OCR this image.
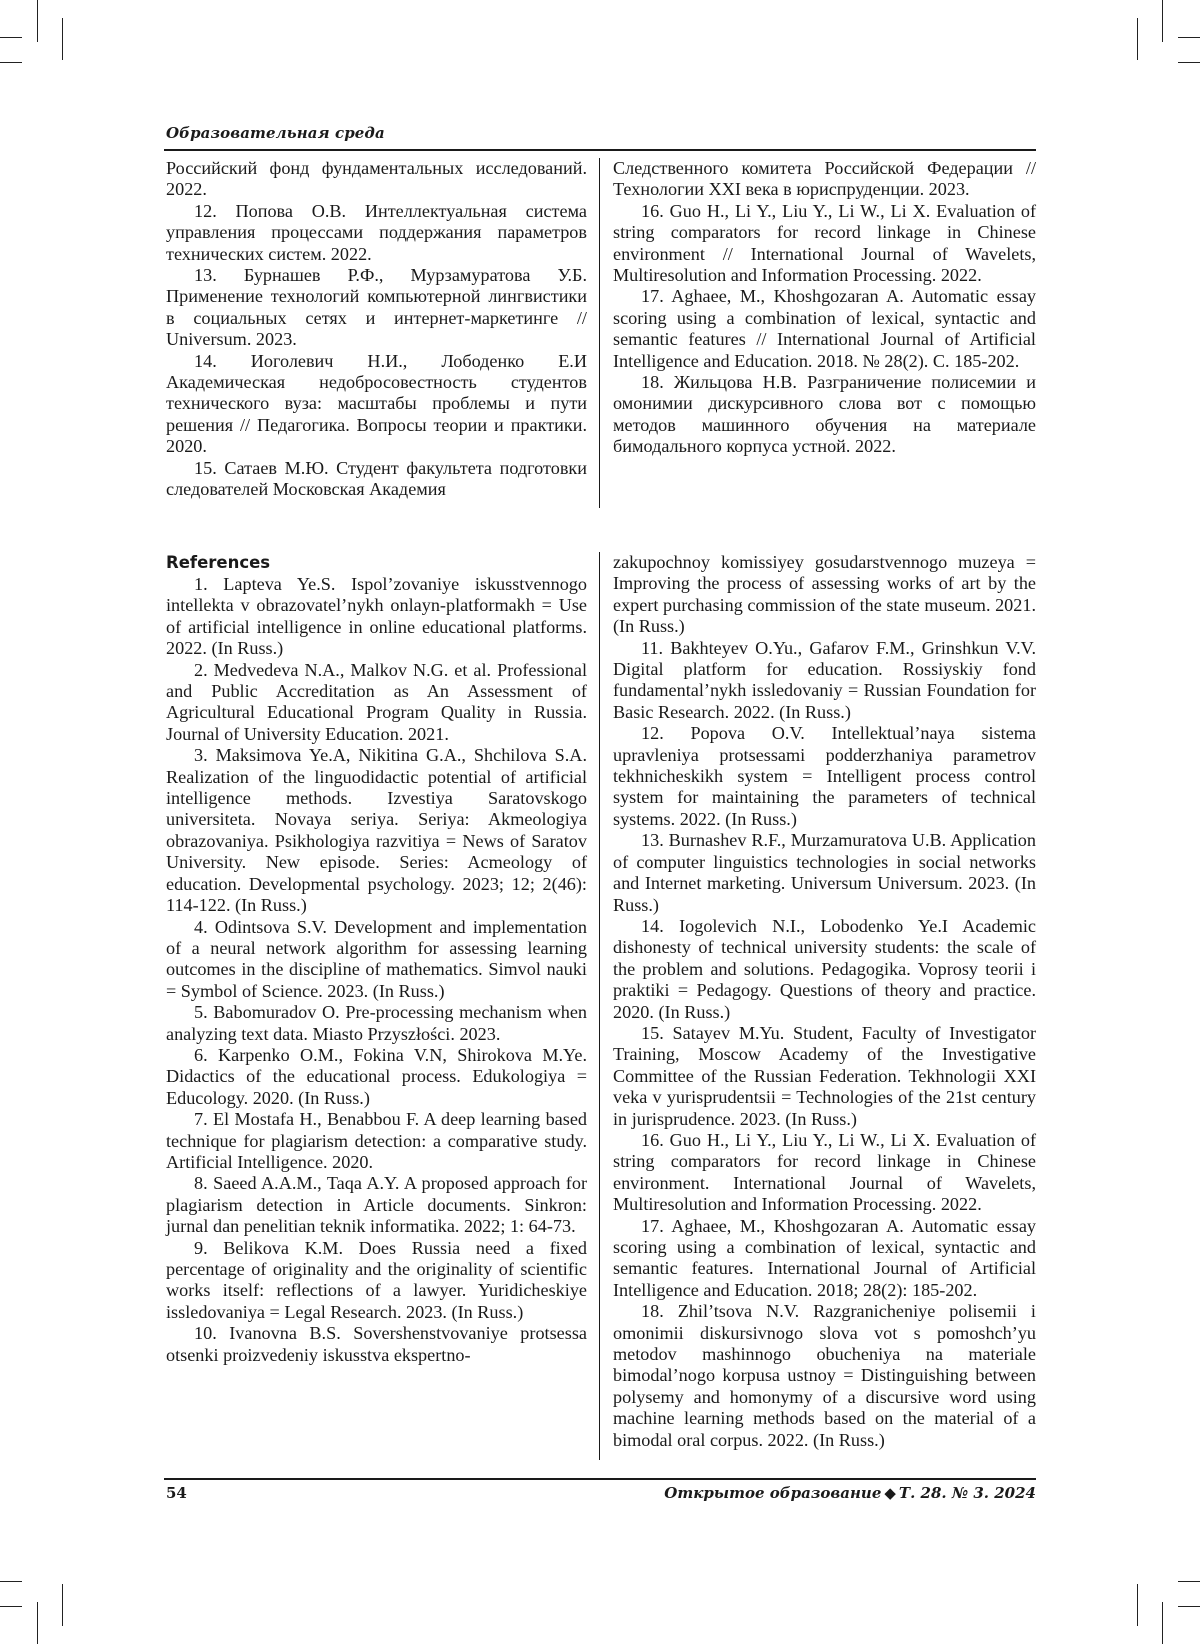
Образовательная среда

Российский фонд фундаментальных исследований. 2022.

12. Попова О.В. Интеллектуальная система управления процессами поддержания параметров технических систем. 2022.

13. Бурнашев Р.Ф., Мурзамуратова У.Б. Применение технологий компьютерной лингвистики в социальных сетях и интернет-маркетинге // Universum. 2023.

14. Иоголевич Н.И., Лободенко Е.И Академическая недобросовестность студентов технического вуза: масштабы проблемы и пути решения // Педагогика. Вопросы теории и практики. 2020.

15. Сатаев М.Ю. Студент факультета подготовки следователей Московская Академия

Следственного комитета Российской Федерации // Технологии XXI века в юриспруденции. 2023.

16. Guo H., Li Y., Liu Y., Li W., Li X. Evaluation of string comparators for record linkage in Chinese environment // International Journal of Wavelets, Multiresolution and Information Processing. 2022.

17. Aghaee, M., Khoshgozaran A. Automatic essay scoring using a combination of lexical, syntactic and semantic features // International Journal of Artificial Intelligence and Education. 2018. № 28(2). С. 185-202.

18. Жильцова Н.В. Разграничение полисемии и омонимии дискурсивного слова вот с помощью методов машинного обучения на материале бимодального корпуса устной. 2022.

References

1. Lapteva Ye.S. Ispol’zovaniye iskusstvennogo intellekta v obrazovatel’nykh onlayn-platformakh = Use of artificial intelligence in online educational platforms. 2022. (In Russ.)

2. Medvedeva N.A., Malkov N.G. et al. Professional and Public Accreditation as An Assessment of Agricultural Educational Program Quality in Russia. Journal of University Education. 2021.

3. Maksimova Ye.A, Nikitina G.A., Shchilova S.A. Realization of the linguodidactic potential of artificial intelligence methods. Izvestiya Saratovskogo universiteta. Novaya seriya. Seriya: Akmeologiya obrazovaniya. Psikhologiya razvitiya = News of Saratov University. New episode. Series: Acmeology of education. Developmental psychology. 2023; 12; 2(46): 114-122. (In Russ.)

4. Odintsova S.V. Development and implementation of a neural network algorithm for assessing learning outcomes in the discipline of mathematics. Simvol nauki = Symbol of Science. 2023. (In Russ.)

5. Babomuradov O. Pre-processing mechanism when analyzing text data. Miasto Przyszłości. 2023.

6. Karpenko O.M., Fokina V.N, Shirokova M.Ye. Didactics of the educational process. Edukologiya = Educology. 2020. (In Russ.)

7. El Mostafa H., Benabbou F. A deep learning based technique for plagiarism detection: a comparative study. Artificial Intelligence. 2020.

8. Saeed A.A.M., Taqa A.Y. A proposed approach for plagiarism detection in Article documents. Sinkron: jurnal dan penelitian teknik informatika. 2022; 1: 64-73.

9. Belikova K.M. Does Russia need a fixed percentage of originality and the originality of scientific works itself: reflections of a lawyer. Yuridicheskiye issledovaniya = Legal Research. 2023. (In Russ.)

10. Ivanovna B.S. Sovershenstvovaniye protsessa otsenki proizvedeniy iskusstva ekspertno-

zakupochnoy komissiyey gosudarstvennogo muzeya = Improving the process of assessing works of art by the expert purchasing commission of the state museum. 2021. (In Russ.)

11. Bakhteyev O.Yu., Gafarov F.M., Grinshkun V.V. Digital platform for education. Rossiyskiy fond fundamental’nykh issledovaniy = Russian Foundation for Basic Research. 2022. (In Russ.)

12. Popova O.V. Intellektual’naya sistema upravleniya protsessami podderzhaniya parametrov tekhnicheskikh system = Intelligent process control system for maintaining the parameters of technical systems. 2022. (In Russ.)

13. Burnashev R.F., Murzamuratova U.B. Application of computer linguistics technologies in social networks and Internet marketing. Universum Universum. 2023. (In Russ.)

14. Iogolevich N.I., Lobodenko Ye.I Academic dishonesty of technical university students: the scale of the problem and solutions. Pedagogika. Voprosy teorii i praktiki = Pedagogy. Questions of theory and practice. 2020. (In Russ.)

15. Satayev M.Yu. Student, Faculty of Investigator Training, Moscow Academy of the Investigative Committee of the Russian Federation. Tekhnologii XXI veka v yurisprudentsii = Technologies of the 21st century in jurisprudence. 2023. (In Russ.)

16. Guo H., Li Y., Liu Y., Li W., Li X. Evaluation of string comparators for record linkage in Chinese environment. International Journal of Wavelets, Multiresolution and Information Processing. 2022.

17. Aghaee, M., Khoshgozaran A. Automatic essay scoring using a combination of lexical, syntactic and semantic features. International Journal of Artificial Intelligence and Education. 2018; 28(2): 185-202.

18. Zhil’tsova N.V. Razgranicheniye polisemii i omonimii diskursivnogo slova vot s pomoshch’yu metodov mashinnogo obucheniya na materiale bimodal’nogo korpusa ustnoy = Distinguishing between polysemy and homonymy of a discursive word using machine learning methods based on the material of a bimodal oral corpus. 2022. (In Russ.)

54	Открытое образование ◆ Т. 28. № 3. 2024
